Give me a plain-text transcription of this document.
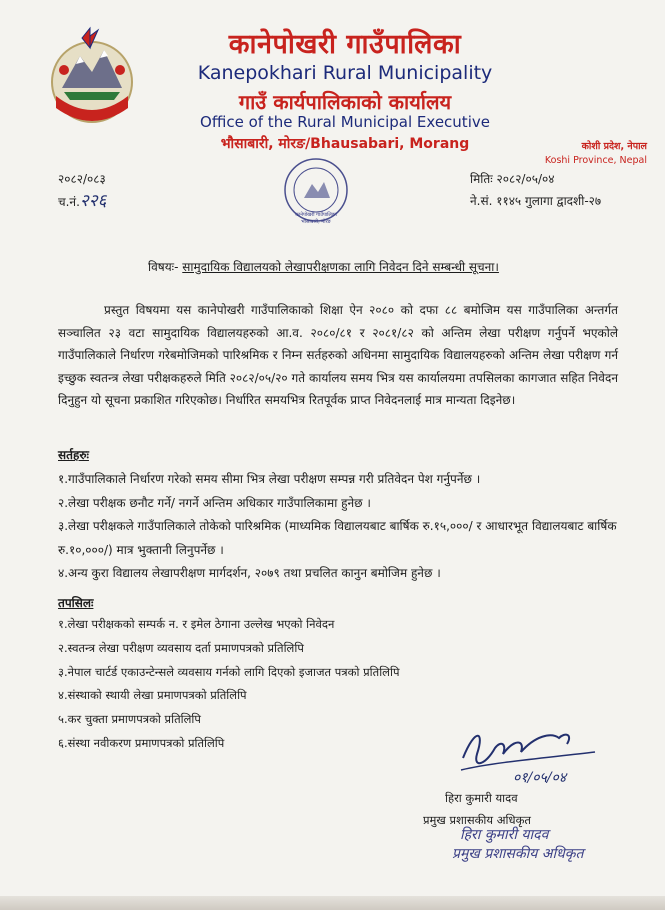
कानेपोखरी गाउँपालिका
Kanepokhari Rural Municipality
गाउँ कार्यपालिकाको कार्यालय
Office of the Rural Municipal Executive
भौसाबारी, मोरङ/Bhausabari, Morang	कोशी प्रदेश, नेपाल
Koshi Province, Nepal
२०८२/०८३
च.नं.२२६
मितिः २०८२/०५/०४
ने.सं. ११४५ गुलागा द्वादशी-२७
कानेपोखरी गाउँपालिका
भौसाबारी, मोरङ
विषयः- सामुदायिक विद्यालयको लेखापरीक्षणका लागि निवेदन दिने सम्बन्धी सूचना।
प्रस्तुत विषयमा यस कानेपोखरी गाउँपालिकाको शिक्षा ऐन २०८० को दफा ८८ बमोजिम यस गाउँपालिका अन्तर्गत सञ्चालित २३ वटा सामुदायिक विद्यालयहरुको आ.व. २०८०/८१ र २०८१/८२ को अन्तिम लेखा परीक्षण गर्नुपर्ने भएकोले गाउँपालिकाले निर्धारण गरेबमोजिमको पारिश्रमिक र निम्न सर्तहरुको अधिनमा सामुदायिक विद्यालयहरुको अन्तिम लेखा परीक्षण गर्न इच्छुक स्वतन्त्र लेखा परीक्षकहरुले मिति २०८२/०५/२० गते कार्यालय समय भित्र यस कार्यालयमा तपसिलका कागजात सहित निवेदन दिनुहुन यो सूचना प्रकाशित गरिएकोछ। निर्धारित समयभित्र रितपूर्वक प्राप्त निवेदनलाई मात्र मान्यता दिइनेछ।
सर्तहरुः
१.गाउँपालिकाले निर्धारण गरेको समय सीमा भित्र लेखा परीक्षण सम्पन्न गरी प्रतिवेदन पेश गर्नुपर्नेछ ।
२.लेखा परीक्षक छनौट गर्ने/ नगर्ने अन्तिम अधिकार गाउँपालिकामा हुनेछ ।
३.लेखा परीक्षकले गाउँपालिकाले तोकेको पारिश्रमिक (माध्यमिक विद्यालयबाट बार्षिक रु.१५,०००/ र आधारभूत विद्यालयबाट बार्षिक रु.१०,०००/) मात्र भुक्तानी लिनुपर्नेछ ।
४.अन्य कुरा विद्यालय लेखापरीक्षण मार्गदर्शन, २०७९ तथा प्रचलित कानुन बमोजिम हुनेछ ।
तपसिलः
१.लेखा परीक्षकको सम्पर्क न. र इमेल ठेगाना उल्लेख भएको निवेदन
२.स्वतन्त्र लेखा परीक्षण व्यवसाय दर्ता प्रमाणपत्रको प्रतिलिपि
३.नेपाल चार्टर्ड एकाउन्टेन्सले व्यवसाय गर्नको लागि दिएको इजाजत पत्रको प्रतिलिपि
४.संस्थाको स्थायी लेखा प्रमाणपत्रको प्रतिलिपि
५.कर चुक्ता प्रमाणपत्रको प्रतिलिपि
६.संस्था नवीकरण प्रमाणपत्रको प्रतिलिपि
०१/०५/०४
हिरा कुमारी यादव
प्रमुख प्रशासकीय अधिकृत
हिरा कुमारी यादव
प्रमुख प्रशासकीय अधिकृत
